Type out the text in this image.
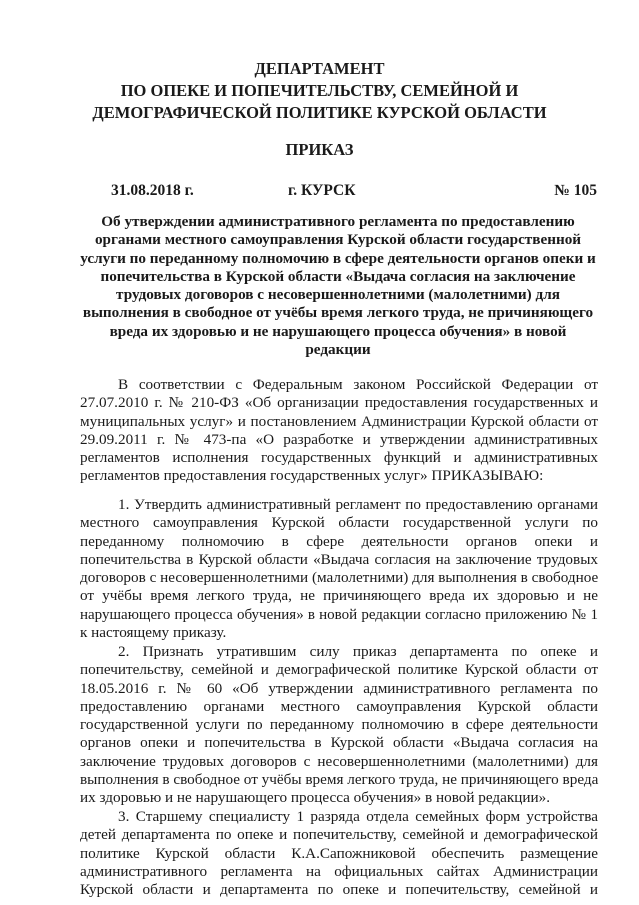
ДЕПАРТАМЕНТ
ПО ОПЕКЕ И ПОПЕЧИТЕЛЬСТВУ, СЕМЕЙНОЙ И
ДЕМОГРАФИЧЕСКОЙ ПОЛИТИКЕ КУРСКОЙ ОБЛАСТИ
ПРИКАЗ
31.08.2018 г.	г. КУРСК	№ 105
Об утверждении административного регламента по предоставлению
органами местного самоуправления Курской области государственной
услуги по переданному полномочию в сфере деятельности органов опеки и
попечительства в Курской области «Выдача согласия на заключение
трудовых договоров с несовершеннолетними (малолетними) для
выполнения в свободное от учёбы время легкого труда, не причиняющего
вреда их здоровью и не нарушающего процесса обучения» в новой
редакции
В соответствии с Федеральным законом Российской Федерации от
27.07.2010 г. № 210-ФЗ «Об организации предоставления государственных и
муниципальных услуг» и постановлением Администрации Курской области от
29.09.2011 г. № 473-па «О разработке и утверждении административных
регламентов исполнения государственных функций и административных
регламентов предоставления государственных услуг» ПРИКАЗЫВАЮ:
1. Утвердить административный регламент по предоставлению органами
местного самоуправления Курской области государственной услуги по
переданному полномочию в сфере деятельности органов опеки и
попечительства в Курской области «Выдача согласия на заключение трудовых
договоров с несовершеннолетними (малолетними) для выполнения в свободное
от учёбы время легкого труда, не причиняющего вреда их здоровью и не
нарушающего процесса обучения» в новой редакции согласно приложению № 1
к настоящему приказу.
2. Признать утратившим силу приказ департамента по опеке и
попечительству, семейной и демографической политике Курской области от
18.05.2016 г. № 60 «Об утверждении административного регламента по
предоставлению органами местного самоуправления Курской области
государственной услуги по переданному полномочию в сфере деятельности
органов опеки и попечительства в Курской области «Выдача согласия на
заключение трудовых договоров с несовершеннолетними (малолетними) для
выполнения в свободное от учёбы время легкого труда, не причиняющего вреда
их здоровью и не нарушающего процесса обучения» в новой редакции».
3. Старшему специалисту 1 разряда отдела семейных форм устройства
детей департамента по опеке и попечительству, семейной и демографической
политике Курской области К.А.Сапожниковой обеспечить размещение
административного регламента на официальных сайтах Администрации
Курской области и департамента по опеке и попечительству, семейной и
